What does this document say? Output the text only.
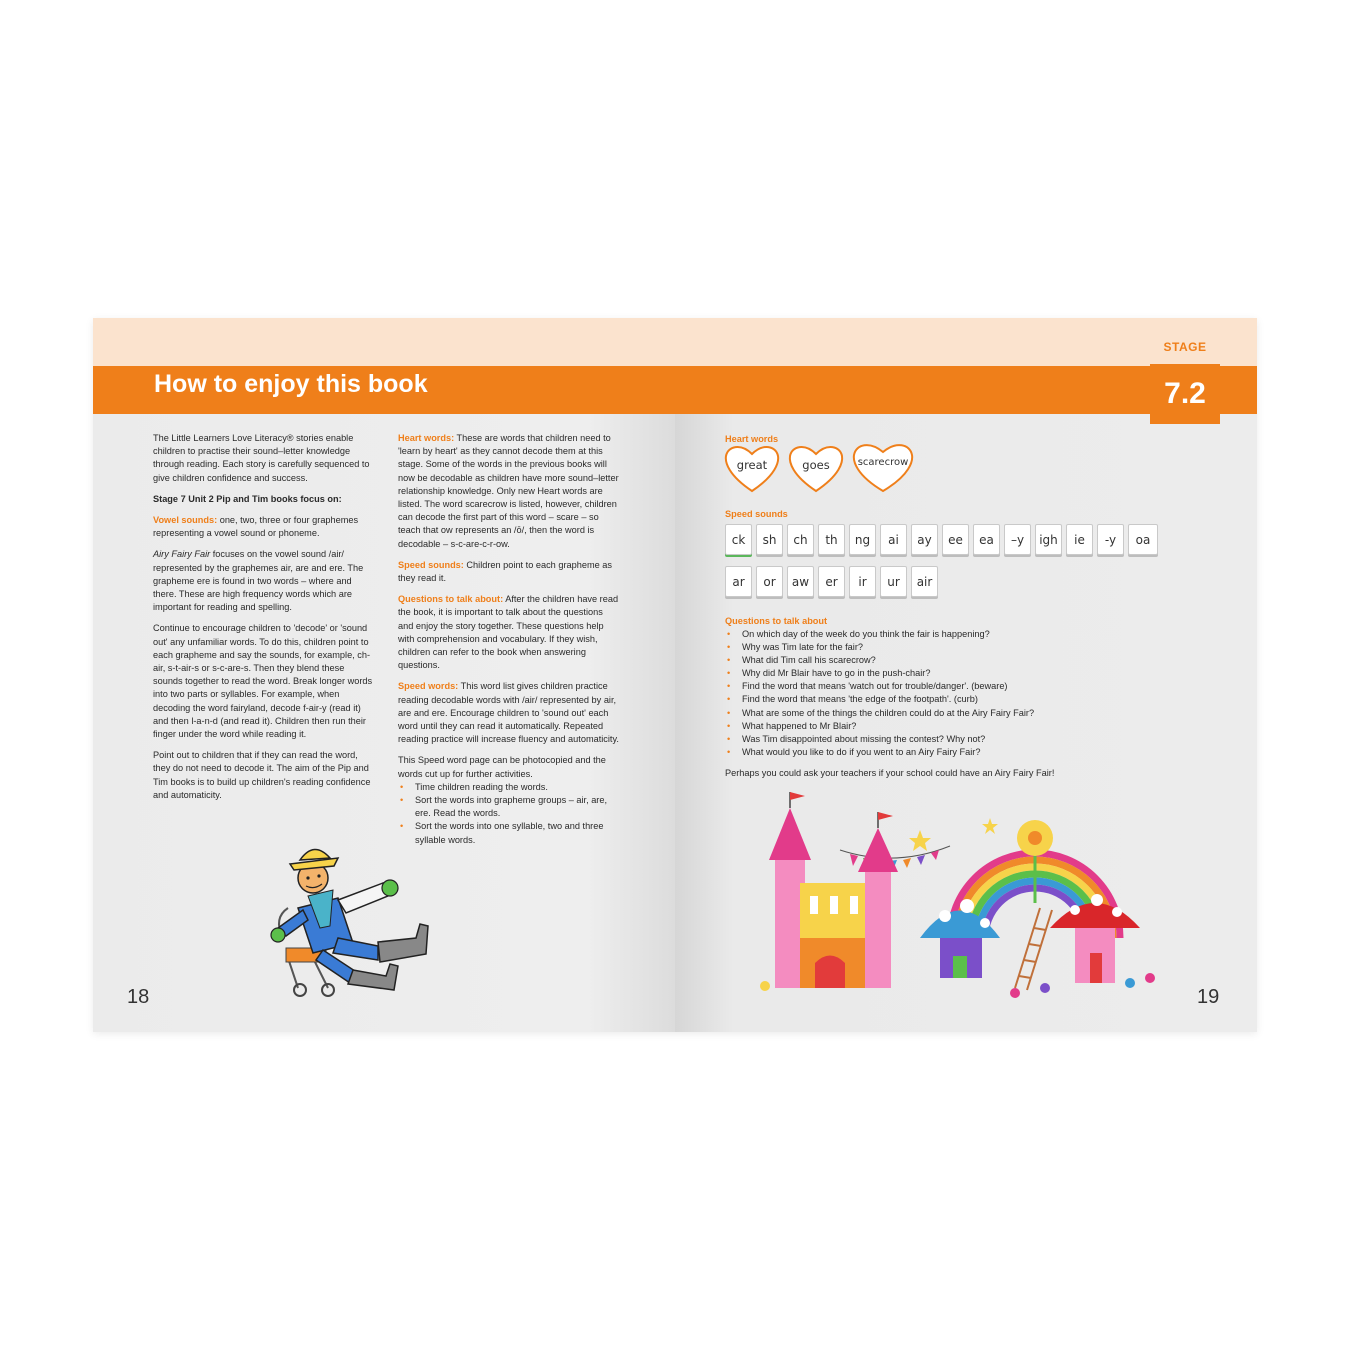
How to enjoy this book

The Little Learners Love Literacy® stories enable children to practise their sound–letter knowledge through reading. Each story is carefully sequenced to give children confidence and success.

Stage 7 Unit 2 Pip and Tim books focus on:

Vowel sounds: one, two, three or four graphemes representing a vowel sound or phoneme.

Airy Fairy Fair focuses on the vowel sound /air/ represented by the graphemes air, are and ere. The grapheme ere is found in two words – where and there. These are high frequency words which are important for reading and spelling.

Continue to encourage children to 'decode' or 'sound out' any unfamiliar words. To do this, children point to each grapheme and say the sounds, for example, ch-air, s-t-air-s or s-c-are-s. Then they blend these sounds together to read the word. Break longer words into two parts or syllables. For example, when decoding the word fairyland, decode f-air-y (read it) and then l-a-n-d (and read it). Children then run their finger under the word while reading it.

Point out to children that if they can read the word, they do not need to decode it. The aim of the Pip and Tim books is to build up children's reading confidence and automaticity.

Heart words: These are words that children need to 'learn by heart' as they cannot decode them at this stage. Some of the words in the previous books will now be decodable as children have more sound–letter relationship knowledge. Only new Heart words are listed. The word scarecrow is listed, however, children can decode the first part of this word – scare – so teach that ow represents an /ō/, then the word is decodable – s-c-are-c-r-ow.

Speed sounds: Children point to each grapheme as they read it.

Questions to talk about: After the children have read the book, it is important to talk about the questions and enjoy the story together. These questions help with comprehension and vocabulary. If they wish, children can refer to the book when answering questions.

Speed words: This word list gives children practice reading decodable words with /air/ represented by air, are and ere. Encourage children to 'sound out' each word until they can read it automatically. Repeated reading practice will increase fluency and automaticity.

This Speed word page can be photocopied and the words cut up for further activities.

• Time children reading the words.
• Sort the words into grapheme groups – air, are, ere. Read the words.
• Sort the words into one syllable, two and three syllable words.
18
STAGE
7.2
Heart words
great	goes	scarecrow
Speed sounds
ck	sh	ch	th	ng	ai	ay	ee	ea	–y	igh	ie	-y	oa
ar	or	aw	er	ir	ur	air
Questions to talk about
• On which day of the week do you think the fair is happening?
• Why was Tim late for the fair?
• What did Tim call his scarecrow?
• Why did Mr Blair have to go in the push-chair?
• Find the word that means 'watch out for trouble/danger'. (beware)
• Find the word that means 'the edge of the footpath'. (curb)
• What are some of the things the children could do at the Airy Fairy Fair?
• What happened to Mr Blair?
• Was Tim disappointed about missing the contest? Why not?
• What would you like to do if you went to an Airy Fairy Fair?
Perhaps you could ask your teachers if your school could have an Airy Fairy Fair!
19
